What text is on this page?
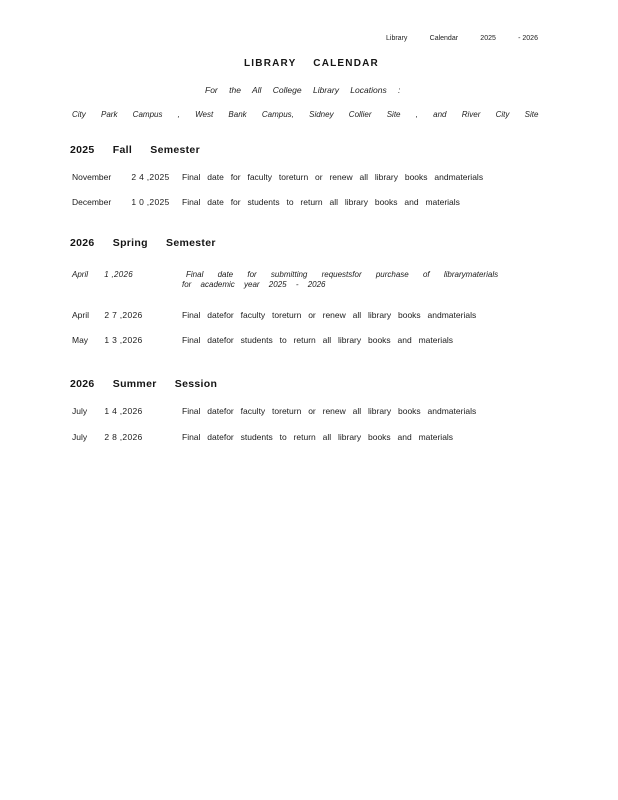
Library	Calendar	2025	- 2026
LIBRARY CALENDAR
For the All College Library Locations :
City Park Campus , West Bank Campus, Sidney Collier Site , and River City Site
2025 Fall Semester
November 2 4 ,2025 Final date for faculty toreturn or renew all library books andmaterials
December 1 0 ,2025 Final date for students to return all library books and materials
2026 Spring Semester
April 1 ,2026	Final date for submitting requestsfor purchase of librarymaterials
for academic year 2025 - 2026
April 2 7 ,2026	Final datefor faculty toreturn or renew all library books andmaterials
May 1 3 ,2026	Final datefor students to return all library books and materials
2026 Summer Session
July 1 4 ,2026	Final datefor faculty toreturn or renew all library books andmaterials
July 2 8 ,2026	Final datefor students to return all library books and materials
